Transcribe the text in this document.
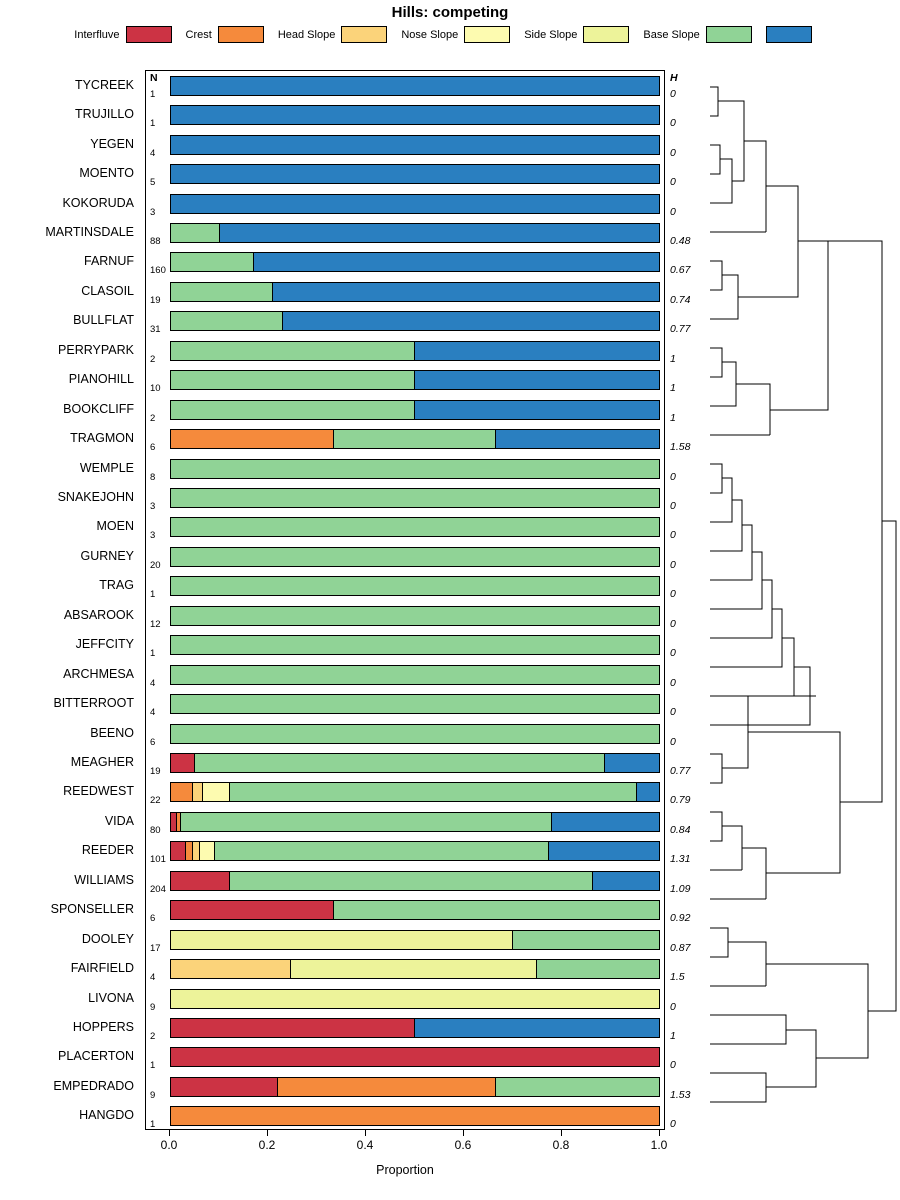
Hills: competing
Interfluve	Crest	Head Slope	Nose Slope	Side Slope	Base Slope
TYCREEK
TRUJILLO
YEGEN
MOENTO
KOKORUDA
MARTINSDALE
FARNUF
CLASOIL
BULLFLAT
PERRYPARK
PIANOHILL
BOOKCLIFF
TRAGMON
WEMPLE
SNAKEJOHN
MOEN
GURNEY
TRAG
ABSAROOK
JEFFCITY
ARCHMESA
BITTERROOT
BEENO
MEAGHER
REEDWEST
VIDA
REEDER
WILLIAMS
SPONSELLER
DOOLEY
FAIRFIELD
LIVONA
HOPPERS
PLACERTON
EMPEDRADO
HANGDO
N
1
1
4
5
3
88
160
19
31
2
10
2
6
8
3
3
20
1
12
1
4
4
6
19
22
80
101
204
6
17
4
9
2
1
9
1
H
0
0
0
0
0
0.48
0.67
0.74
0.77
1
1
1
1.58
0
0
0
0
0
0
0
0
0
0
0.77
0.79
0.84
1.31
1.09
0.92
0.87
1.5
0
1
0
1.53
0
0.0	0.2	0.4	0.6	0.8	1.0
Proportion
